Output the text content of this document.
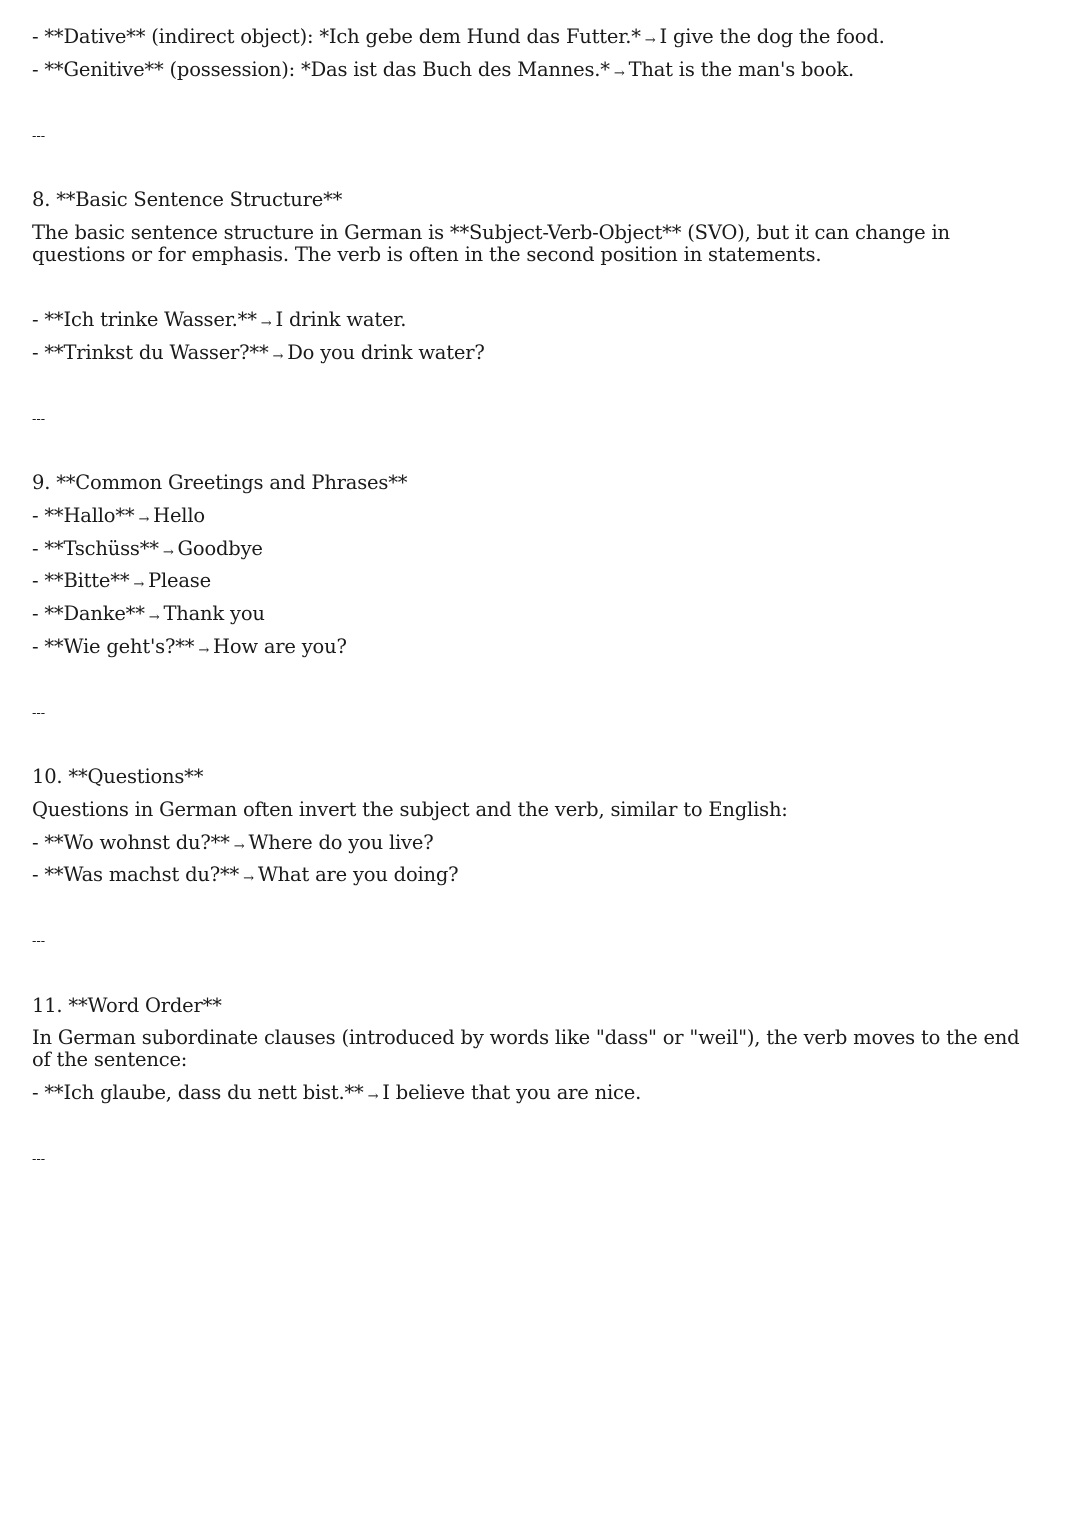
- **Dative** (indirect object): *Ich gebe dem Hund das Futter.* → I give the dog the food.
- **Genitive** (possession): *Das ist das Buch des Mannes.* → That is the man's book.
---
8. **Basic Sentence Structure**
The basic sentence structure in German is **Subject-Verb-Object** (SVO), but it can change in questions or for emphasis. The verb is often in the second position in statements.
- **Ich trinke Wasser.** → I drink water.
- **Trinkst du Wasser?** → Do you drink water?
---
9. **Common Greetings and Phrases**
- **Hallo** → Hello
- **Tschüss** → Goodbye
- **Bitte** → Please
- **Danke** → Thank you
- **Wie geht's?** → How are you?
---
10. **Questions**
Questions in German often invert the subject and the verb, similar to English:
- **Wo wohnst du?** → Where do you live?
- **Was machst du?** → What are you doing?
---
11. **Word Order**
In German subordinate clauses (introduced by words like "dass" or "weil"), the verb moves to the end of the sentence:
- **Ich glaube, dass du nett bist.** → I believe that you are nice.
---
